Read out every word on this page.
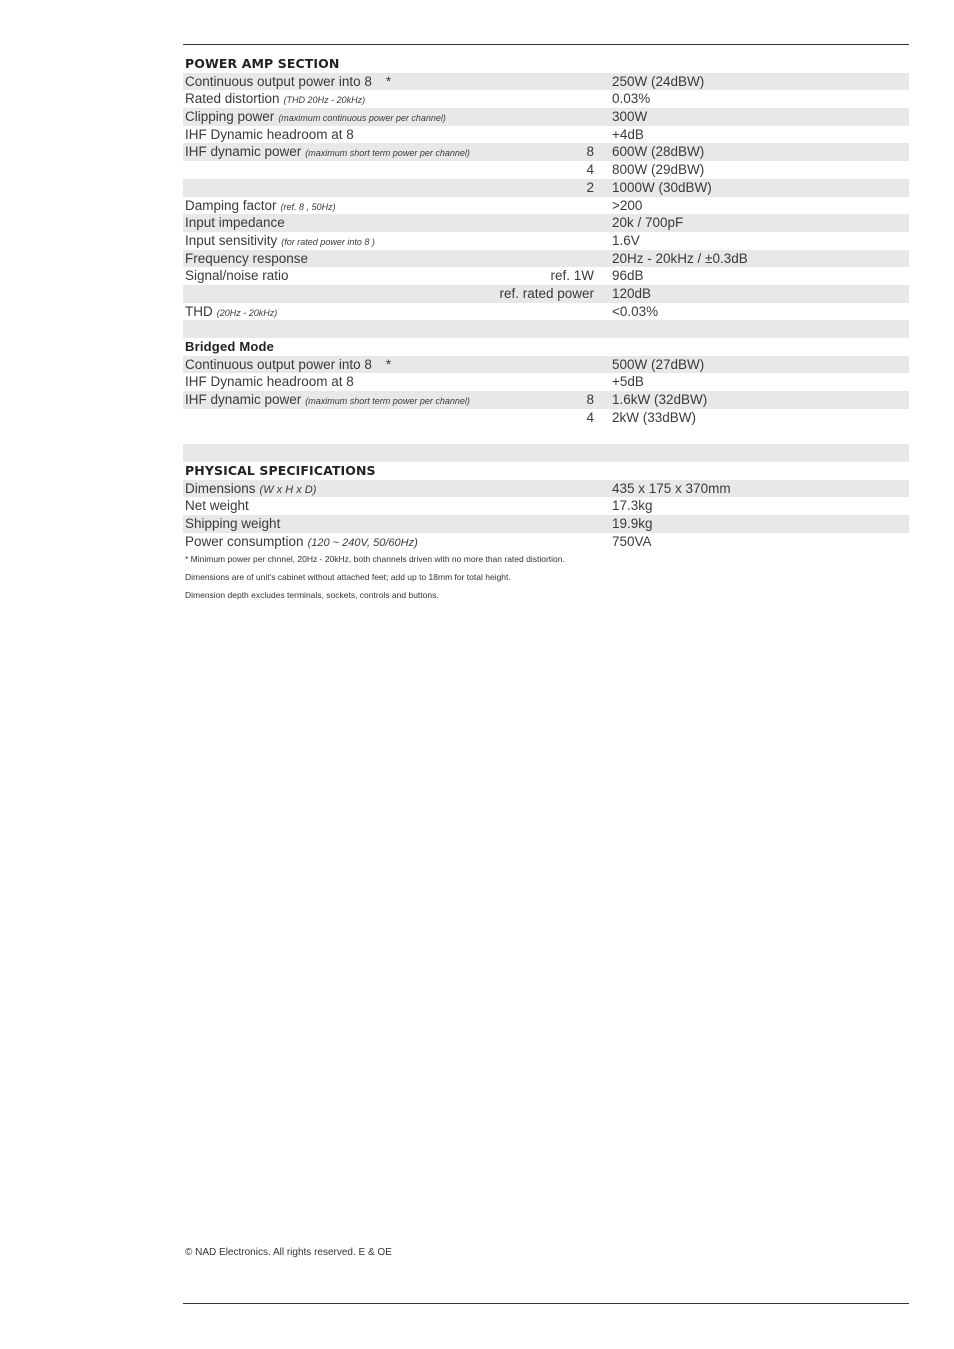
POWER AMP SECTION
Continuous output power into 8 *	250W (24dBW)
Rated distortion (THD 20Hz - 20kHz)	0.03%
Clipping power (maximum continuous power per channel)	300W
IHF Dynamic headroom at 8	+4dB
IHF dynamic power (maximum short term power per channel)	8 600W (28dBW)
4 800W (29dBW)
2 1000W (30dBW)
Damping factor (ref. 8 , 50Hz)	>200
Input impedance	20k / 700pF
Input sensitivity (for rated power into 8 )	1.6V
Frequency response	20Hz - 20kHz / ±0.3dB
Signal/noise ratio	ref. 1W 96dB
ref. rated power 120dB
THD (20Hz - 20kHz)	<0.03%
Bridged Mode
Continuous output power into 8 *	500W (27dBW)
IHF Dynamic headroom at 8	+5dB
IHF dynamic power (maximum short term power per channel)	8 1.6kW (32dBW)
4 2kW (33dBW)
PHYSICAL SPECIFICATIONS
Dimensions (W x H x D)	435 x 175 x 370mm
Net weight	17.3kg
Shipping weight	19.9kg
Power consumption (120 ~ 240V, 50/60Hz)	750VA
* Minimum power per chnnel, 20Hz - 20kHz, both channels driven with no more than rated distiortion.
Dimensions are of unit's cabinet without attached feet; add up to 18mm for total height.
Dimension depth excludes terminals, sockets, controls and buttons.
© NAD Electronics. All rights reserved. E & OE
